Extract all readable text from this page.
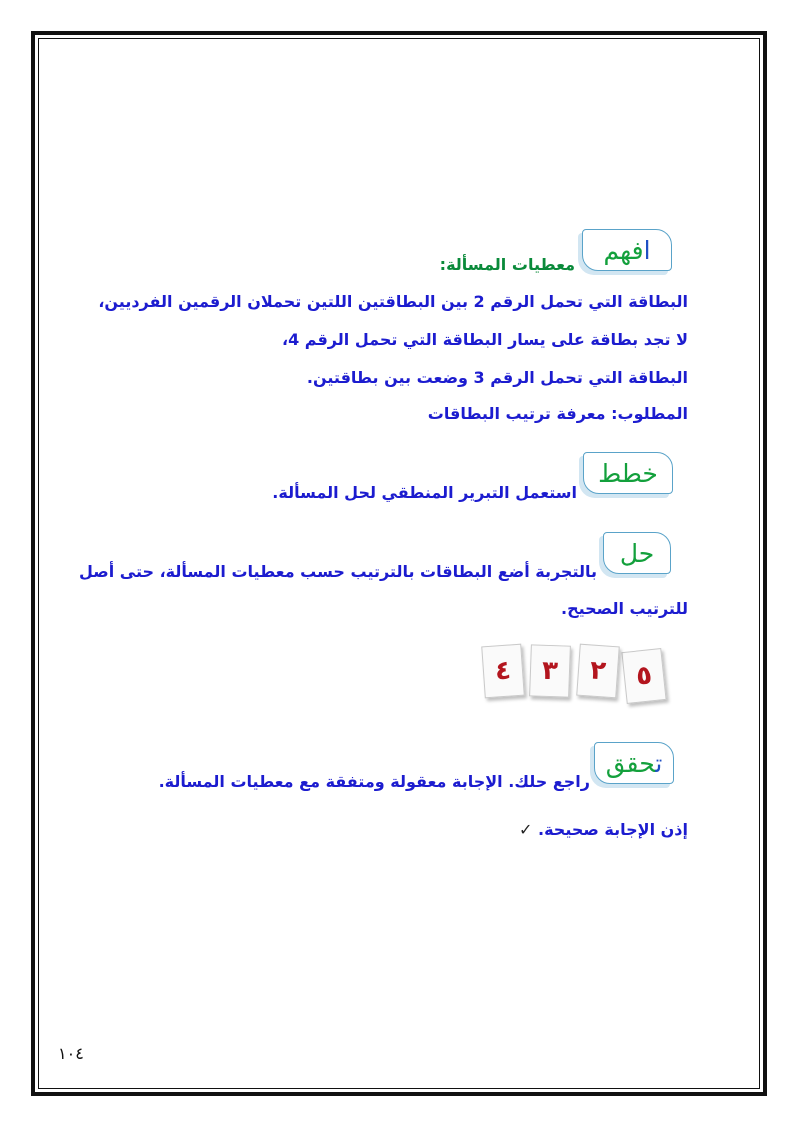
افهم
معطيات المسألة:
البطاقة التي تحمل الرقم 2 بين البطاقتين اللتين تحملان الرقمين الفرديين،
لا تجد بطاقة على يسار البطاقة التي تحمل الرقم 4،
البطاقة التي تحمل الرقم 3 وضعت بين بطاقتين.
المطلوب: معرفة ترتيب البطاقات
خطط
استعمل التبرير المنطقي لحل المسألة.
حل
بالتجربة أضع البطاقات بالترتيب حسب معطيات المسألة، حتى أصل
للترتيب الصحيح.
٥
٢
٣
٤
تحقق
راجع حلك. الإجابة معقولة ومتفقة مع معطيات المسألة.
إذن الإجابة صحيحة. ✓
١٠٤
